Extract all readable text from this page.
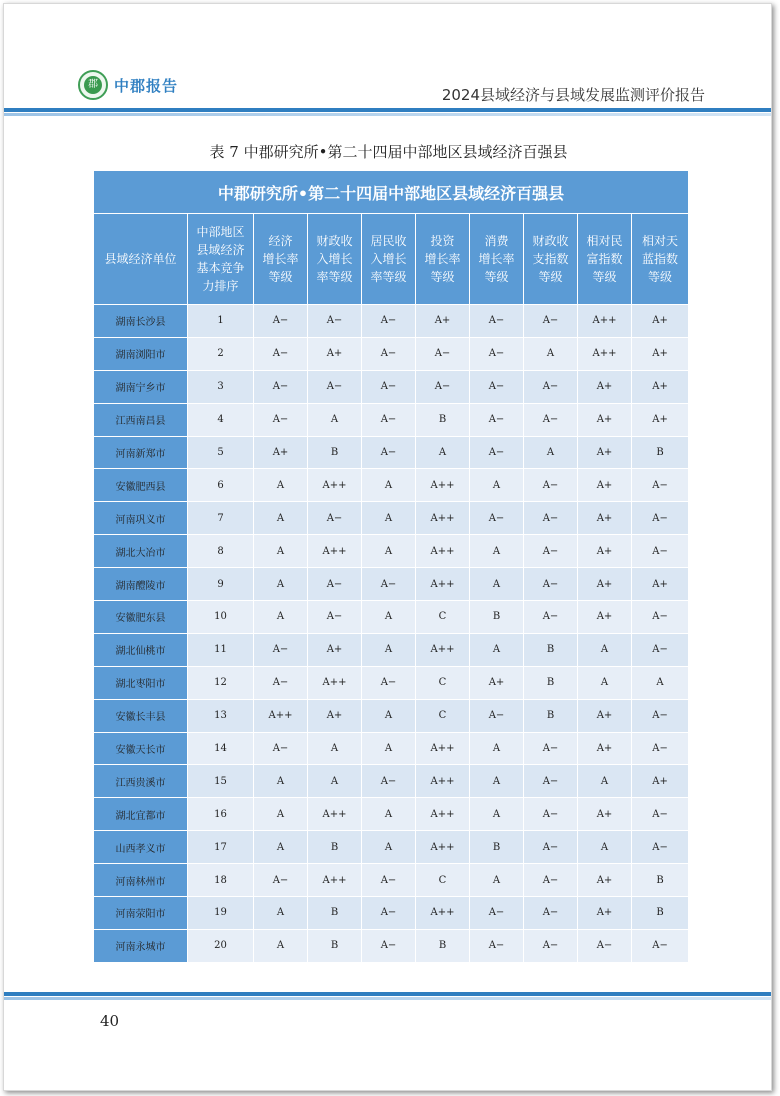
郡 中郡报告
2024县域经济与县域发展监测评价报告
表 7 中郡研究所•第二十四届中部地区县域经济百强县
中郡研究所•第二十四届中部地区县域经济百强县									

县域经济单位	中部地区
县域经济
基本竞争
力排序	经济
增长率
等级	财政收
入增长
率等级	居民收
入增长
率等级	投资
增长率
等级	消费
增长率
等级	财政收
支指数
等级	相对民
富指数
等级	相对天
蓝指数
等级

湖南长沙县	1	A−	A−	A−	A+	A−	A−	A++	A+
湖南浏阳市	2	A−	A+	A−	A−	A−	A	A++	A+
湖南宁乡市	3	A−	A−	A−	A−	A−	A−	A+	A+
江西南昌县	4	A−	A	A−	B	A−	A−	A+	A+
河南新郑市	5	A+	B	A−	A	A−	A	A+	B
安徽肥西县	6	A	A++	A	A++	A	A−	A+	A−
河南巩义市	7	A	A−	A	A++	A−	A−	A+	A−
湖北大冶市	8	A	A++	A	A++	A	A−	A+	A−
湖南醴陵市	9	A	A−	A−	A++	A	A−	A+	A+
安徽肥东县	10	A	A−	A	C	B	A−	A+	A−
湖北仙桃市	11	A−	A+	A	A++	A	B	A	A−
湖北枣阳市	12	A−	A++	A−	C	A+	B	A	A
安徽长丰县	13	A++	A+	A	C	A−	B	A+	A−
安徽天长市	14	A−	A	A	A++	A	A−	A+	A−
江西贵溪市	15	A	A	A−	A++	A	A−	A	A+
湖北宜都市	16	A	A++	A	A++	A	A−	A+	A−
山西孝义市	17	A	B	A	A++	B	A−	A	A−
河南林州市	18	A−	A++	A−	C	A	A−	A+	B
河南荥阳市	19	A	B	A−	A++	A−	A−	A+	B
河南永城市	20	A	B	A−	B	A−	A−	A−	A−
40
